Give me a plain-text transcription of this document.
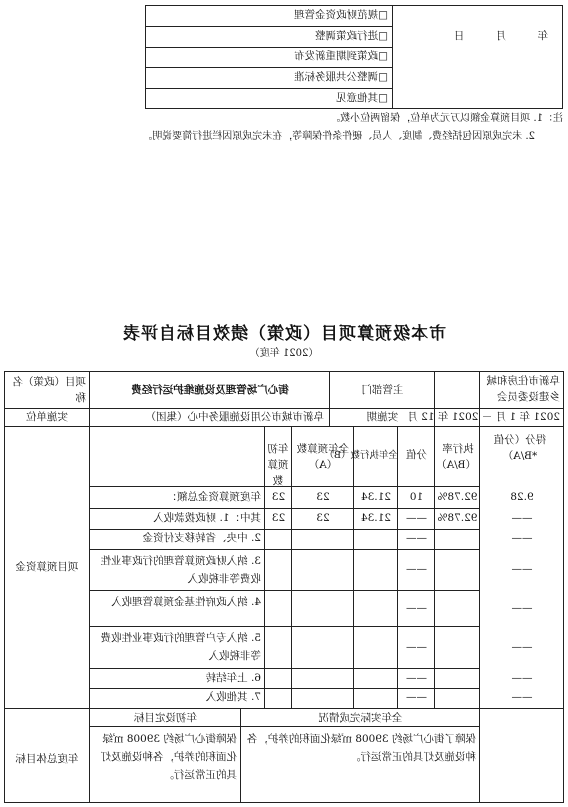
年 月 日
□规范财政资金管理
□进行政策调整
□政策到期重新发布
□调整公共服务标准
□其他意见
注：1. 项目预算金额以万元为单位，保留两位小数。
2. 未完成原因包括经费、制度、人员、硬件条件保障等，在未完成原因栏进行简要说明。
市本级预算项目（政策）绩效目标自评表
（2021 年度）
阜新市住房和城乡建设委员会
主管部门
街心广场管理及设施维护运行经费
项目（政策）名称
2021 年 1 月 － 2021 年 12 月
实施期
阜新市城市公用设施服务中心（集团）
实施单位
得分（分值*B/A）
执行率（B/A）
分值
全年执行数（B）
全年预算数（A）
年初预算数
项目预算资金
9.28
92.78%
10
21.34
23
23
年度预算资金总额：
——
92.78%
——
21.34
23
23
其中：1. 财政拨款收入
——
——
2. 中央、省转移支付资金
——
——
3. 纳入财政预算管理的行政事业性收费等非税收入
——
——
4. 纳入政府性基金预算管理收入
——
——
5. 纳入专户管理的行政事业性收费等非税收入
——
——
6. 上年结转
——
——
7. 其他收入
全年实际完成情况
年初设定目标
年度总体目标
保障了街心广场约 39008 ㎡绿化面积的养护，各种设施及灯具的正常运行。
保障街心广场约 39008 ㎡绿化面积的养护，各种设施及灯具的正常运行。
